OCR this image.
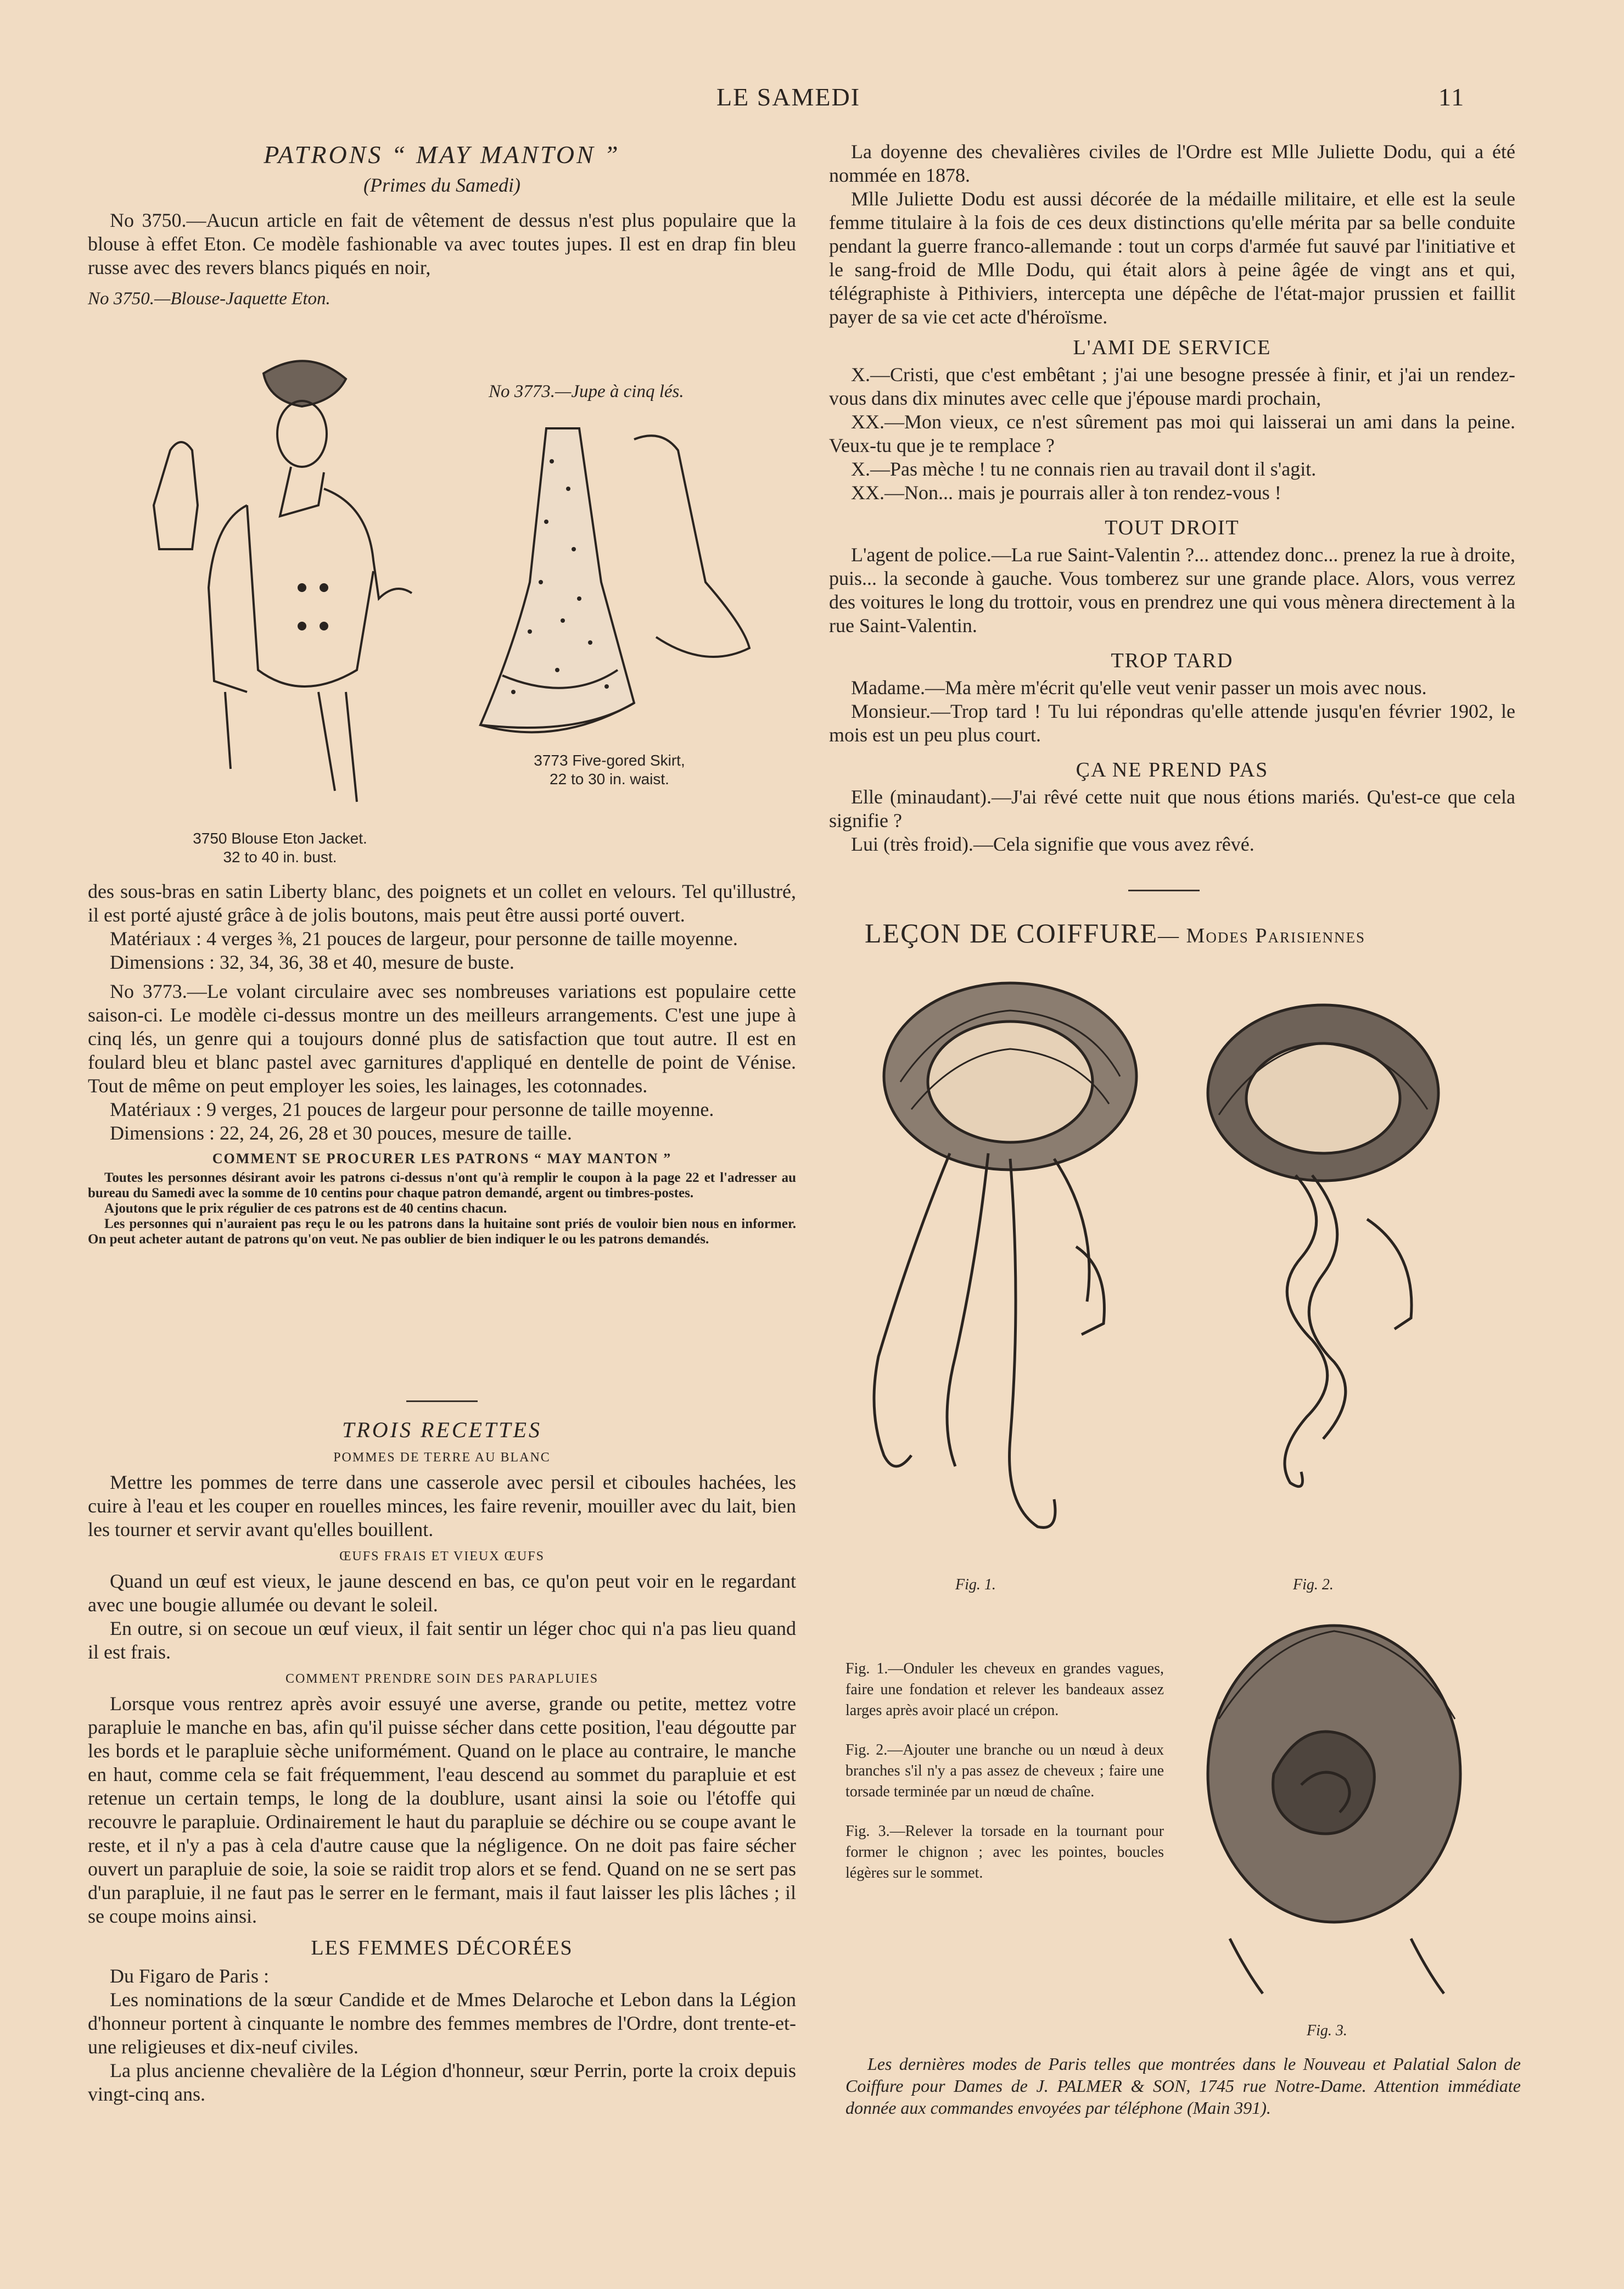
LE SAMEDI	11
PATRONS “ MAY MANTON ”
(Primes du Samedi)

No 3750.—Aucun article en fait de vêtement de dessus n'est plus populaire que la blouse à effet Eton. Ce modèle fashionable va avec toutes jupes. Il est en drap fin bleu russe avec des revers blancs piqués en noir,

No 3750.—Blouse-Jaquette Eton.

No 3773.—Jupe à cinq lés.
3750 Blouse Eton Jacket.
32 to 40 in. bust.
3773 Five-gored Skirt,
22 to 30 in. waist.

des sous-bras en satin Liberty blanc, des poignets et un collet en velours. Tel qu'illustré, il est porté ajusté grâce à de jolis boutons, mais peut être aussi porté ouvert.

Matériaux : 4 verges ⅜, 21 pouces de largeur, pour personne de taille moyenne.

Dimensions : 32, 34, 36, 38 et 40, mesure de buste.

No 3773.—Le volant circulaire avec ses nombreuses variations est populaire cette saison-ci. Le modèle ci-dessus montre un des meilleurs arrangements. C'est une jupe à cinq lés, un genre qui a toujours donné plus de satisfaction que tout autre. Il est en foulard bleu et blanc pastel avec garnitures d'appliqué en dentelle de point de Vénise. Tout de même on peut employer les soies, les lainages, les cotonnades.

Matériaux : 9 verges, 21 pouces de largeur pour personne de taille moyenne.

Dimensions : 22, 24, 26, 28 et 30 pouces, mesure de taille.

COMMENT SE PROCURER LES PATRONS “ MAY MANTON ”

Toutes les personnes désirant avoir les patrons ci-dessus n'ont qu'à remplir le coupon à la page 22 et l'adresser au bureau du Samedi avec la somme de 10 centins pour chaque patron demandé, argent ou timbres-postes.

Ajoutons que le prix régulier de ces patrons est de 40 centins chacun.

Les personnes qui n'auraient pas reçu le ou les patrons dans la huitaine sont priés de vouloir bien nous en informer. On peut acheter autant de patrons qu'on veut. Ne pas oublier de bien indiquer le ou les patrons demandés.

TROIS RECETTES
POMMES DE TERRE AU BLANC

Mettre les pommes de terre dans une casserole avec persil et ciboules hachées, les cuire à l'eau et les couper en rouelles minces, les faire revenir, mouiller avec du lait, bien les tourner et servir avant qu'elles bouillent.

ŒUFS FRAIS ET VIEUX ŒUFS

Quand un œuf est vieux, le jaune descend en bas, ce qu'on peut voir en le regardant avec une bougie allumée ou devant le soleil.

En outre, si on secoue un œuf vieux, il fait sentir un léger choc qui n'a pas lieu quand il est frais.

COMMENT PRENDRE SOIN DES PARAPLUIES

Lorsque vous rentrez après avoir essuyé une averse, grande ou petite, mettez votre parapluie le manche en bas, afin qu'il puisse sécher dans cette position, l'eau dégoutte par les bords et le parapluie sèche uniformément. Quand on le place au contraire, le manche en haut, comme cela se fait fréquemment, l'eau descend au sommet du parapluie et est retenue un certain temps, le long de la doublure, usant ainsi la soie ou l'étoffe qui recouvre le parapluie. Ordinairement le haut du parapluie se déchire ou se coupe avant le reste, et il n'y a pas à cela d'autre cause que la négligence. On ne doit pas faire sécher ouvert un parapluie de soie, la soie se raidit trop alors et se fend. Quand on ne se sert pas d'un parapluie, il ne faut pas le serrer en le fermant, mais il faut laisser les plis lâches ; il se coupe moins ainsi.

LES FEMMES DÉCORÉES

Du Figaro de Paris :

Les nominations de la sœur Candide et de Mmes Delaroche et Lebon dans la Légion d'honneur portent à cinquante le nombre des femmes membres de l'Ordre, dont trente-et-une religieuses et dix-neuf civiles.

La plus ancienne chevalière de la Légion d'honneur, sœur Perrin, porte la croix depuis vingt-cinq ans.

La doyenne des chevalières civiles de l'Ordre est Mlle Juliette Dodu, qui a été nommée en 1878.

Mlle Juliette Dodu est aussi décorée de la médaille militaire, et elle est la seule femme titulaire à la fois de ces deux distinctions qu'elle mérita par sa belle conduite pendant la guerre franco-allemande : tout un corps d'armée fut sauvé par l'initiative et le sang-froid de Mlle Dodu, qui était alors à peine âgée de vingt ans et qui, télégraphiste à Pithiviers, intercepta une dépêche de l'état-major prussien et faillit payer de sa vie cet acte d'héroïsme.

L'AMI DE SERVICE

X.—Cristi, que c'est embêtant ; j'ai une besogne pressée à finir, et j'ai un rendez-vous dans dix minutes avec celle que j'épouse mardi prochain,

XX.—Mon vieux, ce n'est sûrement pas moi qui laisserai un ami dans la peine. Veux-tu que je te remplace ?

X.—Pas mèche ! tu ne connais rien au travail dont il s'agit.

XX.—Non... mais je pourrais aller à ton rendez-vous !

TOUT DROIT

L'agent de police.—La rue Saint-Valentin ?... attendez donc... prenez la rue à droite, puis... la seconde à gauche. Vous tomberez sur une grande place. Alors, vous verrez des voitures le long du trottoir, vous en prendrez une qui vous mènera directement à la rue Saint-Valentin.

TROP TARD

Madame.—Ma mère m'écrit qu'elle veut venir passer un mois avec nous.

Monsieur.—Trop tard ! Tu lui répondras qu'elle attende jusqu'en février 1902, le mois est un peu plus court.

ÇA NE PREND PAS

Elle (minaudant).—J'ai rêvé cette nuit que nous étions mariés. Qu'est-ce que cela signifie ?

Lui (très froid).—Cela signifie que vous avez rêvé.

LEÇON DE COIFFURE— Modes Parisiennes
Fig. 1.	Fig. 2.
Fig. 3.

Fig. 1.—Onduler les cheveux en grandes vagues, faire une fondation et relever les bandeaux assez larges après avoir placé un crépon.

Fig. 2.—Ajouter une branche ou un nœud à deux branches s'il n'y a pas assez de cheveux ; faire une torsade terminée par un nœud de chaîne.

Fig. 3.—Relever la torsade en la tournant pour former le chignon ; avec les pointes, boucles légères sur le sommet.

Les dernières modes de Paris telles que montrées dans le Nouveau et Palatial Salon de Coiffure pour Dames de J. PALMER & SON, 1745 rue Notre-Dame. Attention immédiate donnée aux commandes envoyées par téléphone (Main 391).
